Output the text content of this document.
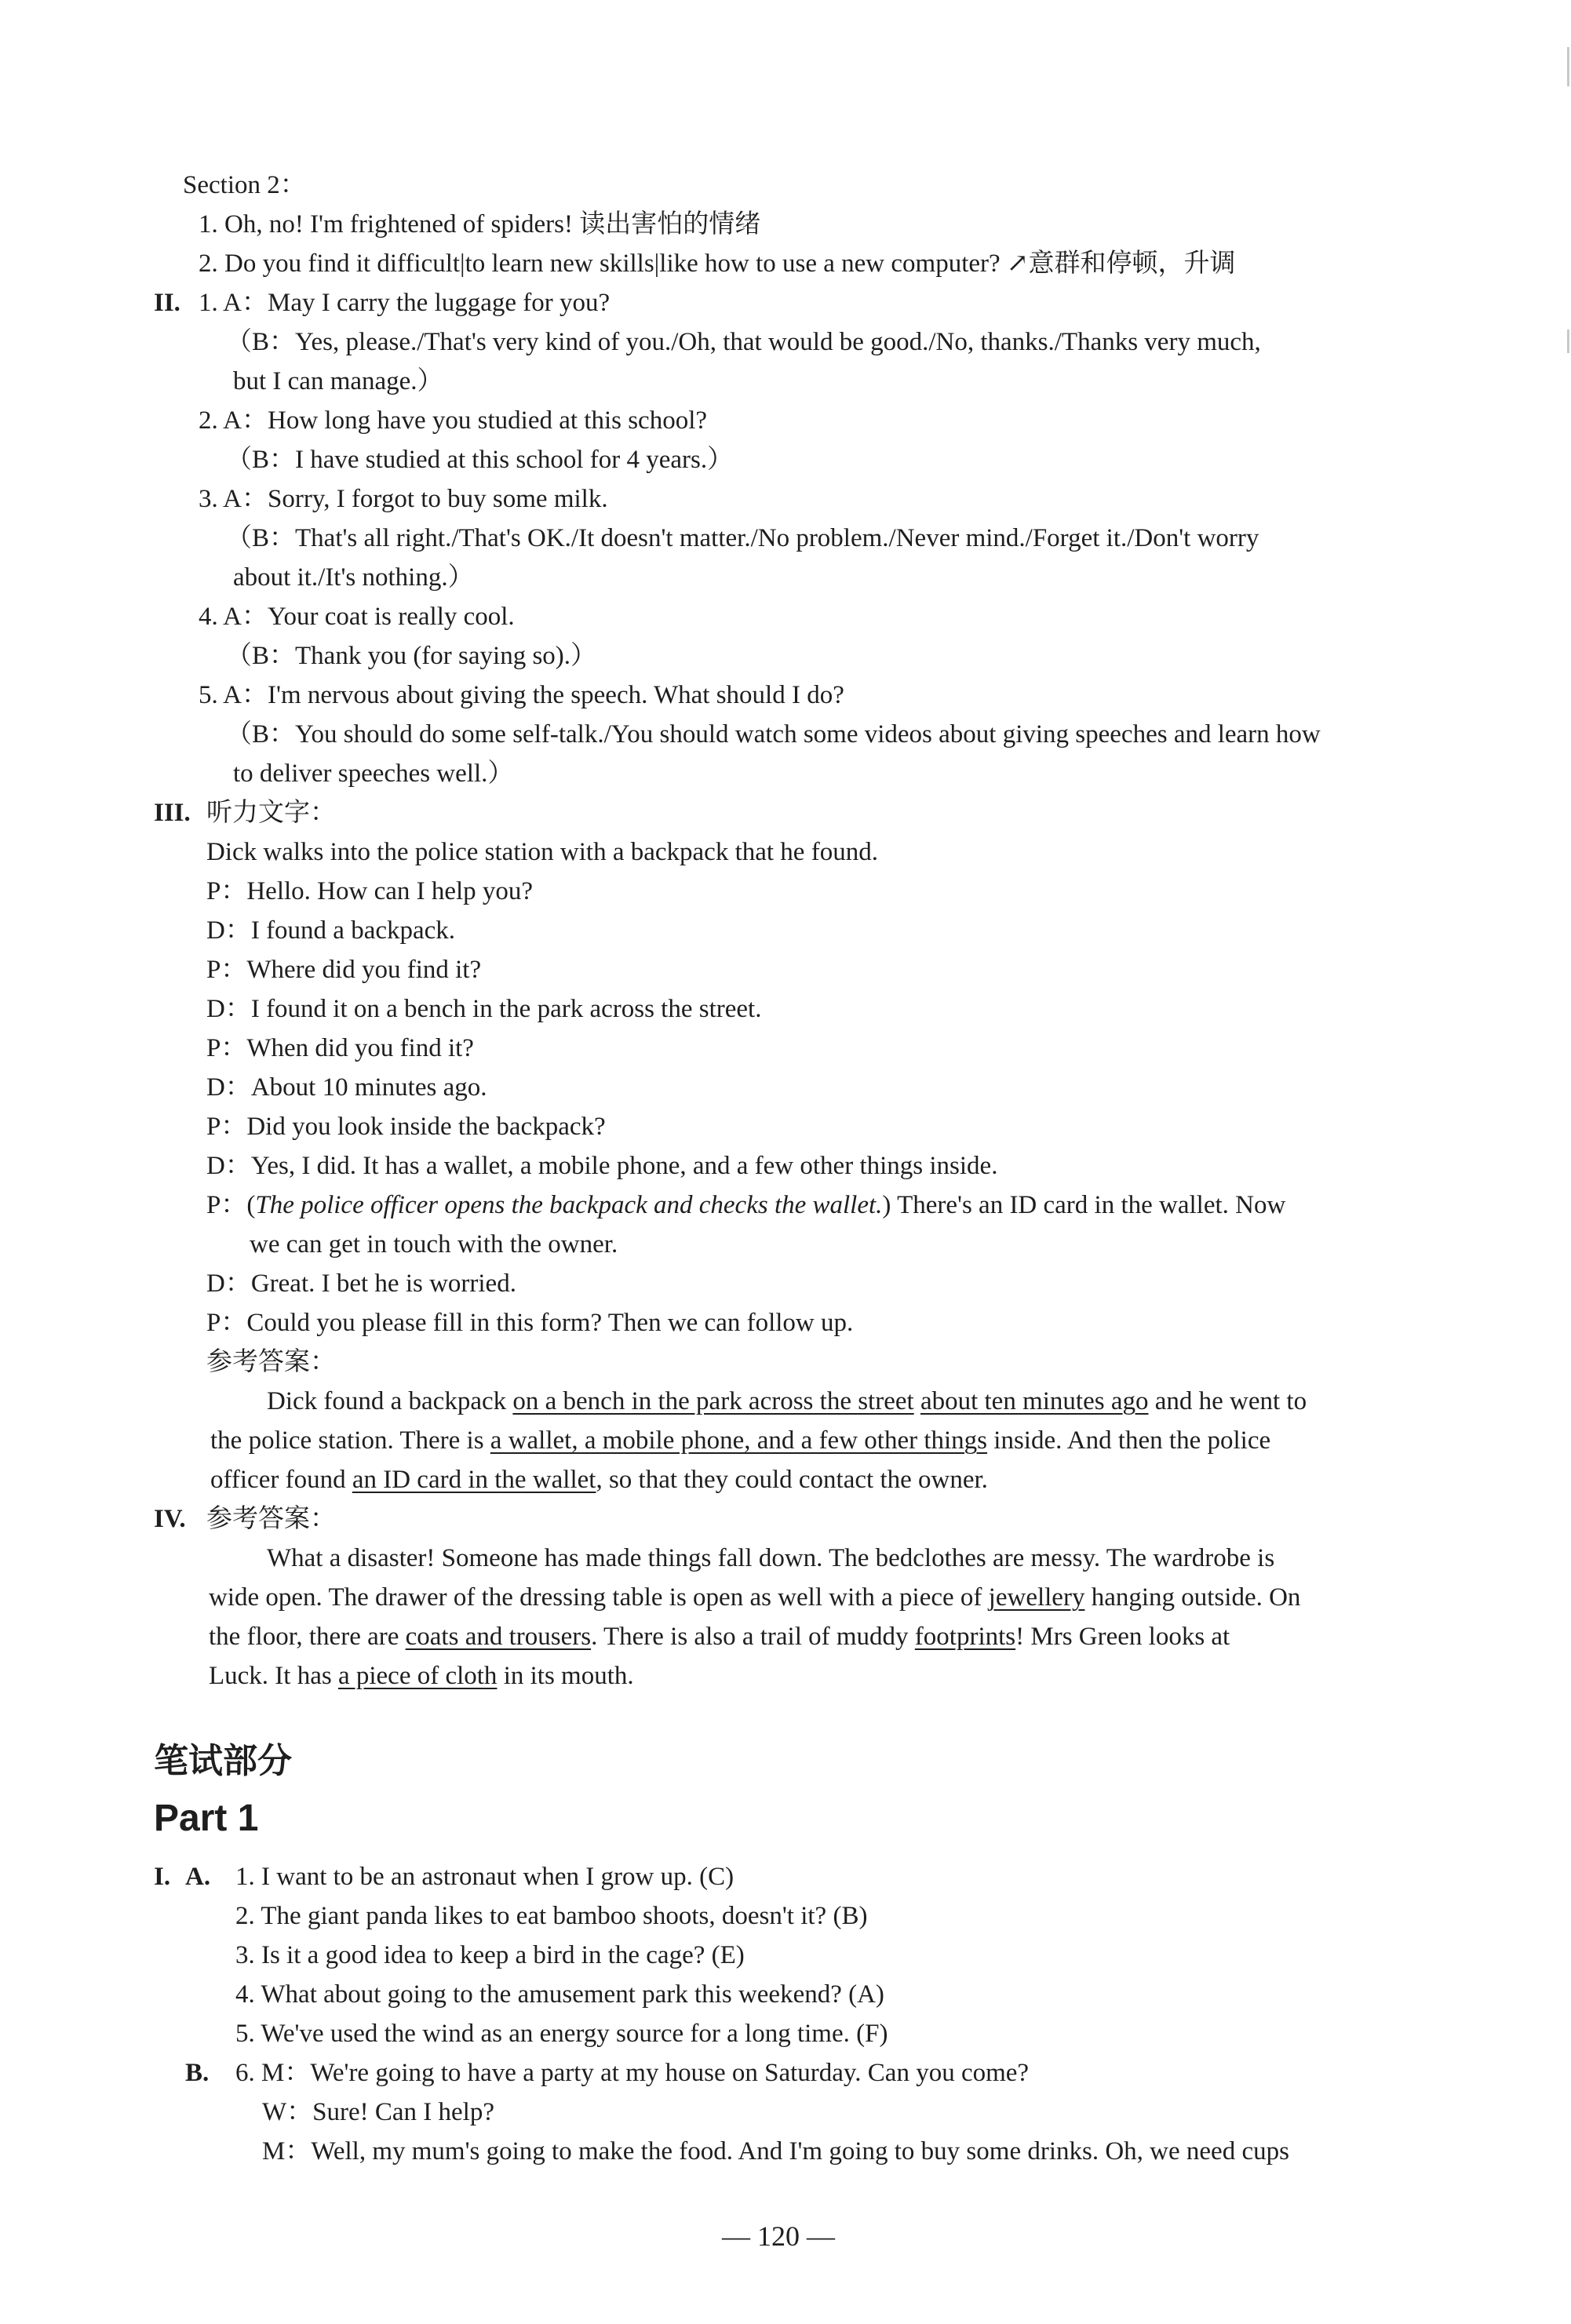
Section 2：
1. Oh, no! I'm frightened of spiders! 读出害怕的情绪
2. Do you find it difficult|to learn new skills|like how to use a new computer? ↗意群和停顿，升调
II. 1. A：May I carry the luggage for you?
（B：Yes, please./That's very kind of you./Oh, that would be good./No, thanks./Thanks very much,
but I can manage.）
2. A：How long have you studied at this school?
（B：I have studied at this school for 4 years.）
3. A：Sorry, I forgot to buy some milk.
（B：That's all right./That's OK./It doesn't matter./No problem./Never mind./Forget it./Don't worry
about it./It's nothing.）
4. A：Your coat is really cool.
（B：Thank you (for saying so).）
5. A：I'm nervous about giving the speech. What should I do?
（B：You should do some self-talk./You should watch some videos about giving speeches and learn how
to deliver speeches well.）
III. 听力文字：
Dick walks into the police station with a backpack that he found.
P：Hello. How can I help you?
D：I found a backpack.
P：Where did you find it?
D：I found it on a bench in the park across the street.
P：When did you find it?
D：About 10 minutes ago.
P：Did you look inside the backpack?
D：Yes, I did. It has a wallet, a mobile phone, and a few other things inside.
P：(The police officer opens the backpack and checks the wallet.) There's an ID card in the wallet. Now
we can get in touch with the owner.
D：Great. I bet he is worried.
P：Could you please fill in this form? Then we can follow up.
参考答案：
Dick found a backpack on a bench in the park across the street about ten minutes ago and he went to
the police station. There is a wallet, a mobile phone, and a few other things inside. And then the police
officer found an ID card in the wallet, so that they could contact the owner.
IV. 参考答案：
What a disaster! Someone has made things fall down. The bedclothes are messy. The wardrobe is
wide open. The drawer of the dressing table is open as well with a piece of jewellery hanging outside. On
the floor, there are coats and trousers. There is also a trail of muddy footprints! Mrs Green looks at
Luck. It has a piece of cloth in its mouth.
笔试部分
Part 1
I. A. 1. I want to be an astronaut when I grow up. (C)
2. The giant panda likes to eat bamboo shoots, doesn't it? (B)
3. Is it a good idea to keep a bird in the cage? (E)
4. What about going to the amusement park this weekend? (A)
5. We've used the wind as an energy source for a long time. (F)
B. 6. M：We're going to have a party at my house on Saturday. Can you come?
W：Sure! Can I help?
M：Well, my mum's going to make the food. And I'm going to buy some drinks. Oh, we need cups
— 120 —
